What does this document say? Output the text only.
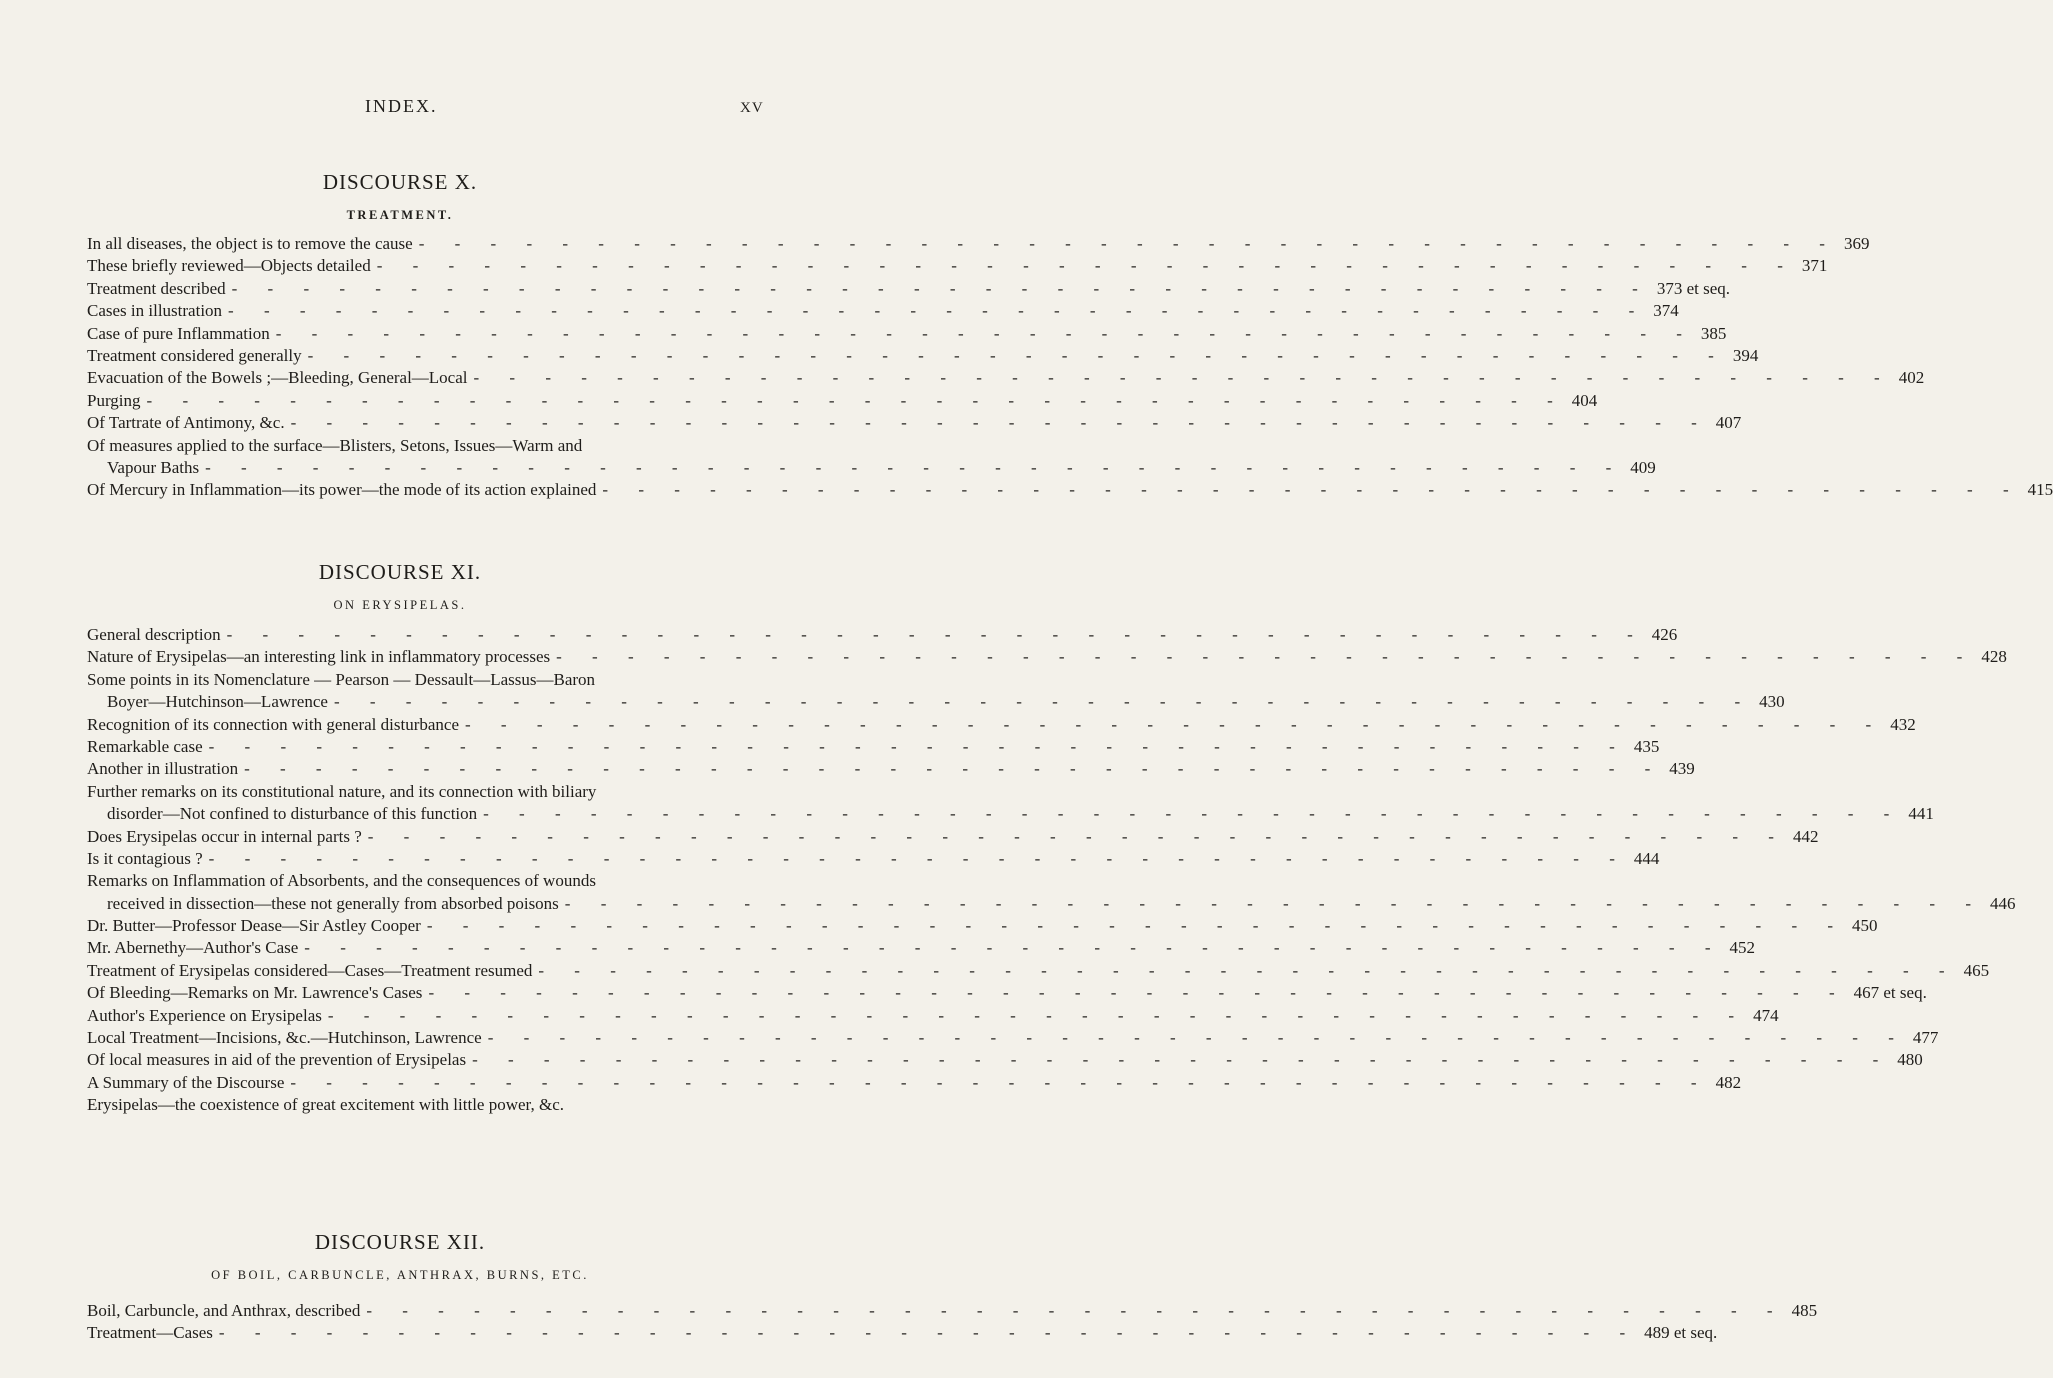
INDEX.	XV
DISCOURSE X.
TREATMENT.
In all diseases, the object is to remove the cause - - - - - - - - - - - - - - - - - - - - - - - - - - - - - - - - - - - - - - - - 369
These briefly reviewed—Objects detailed - - - - - - - - - - - - - - - - - - - - - - - - - - - - - - - - - - - - - - - - 371
Treatment described - - - - - - - - - - - - - - - - - - - - - - - - - - - - - - - - - - - - - - - - 373 et seq.
Cases in illustration - - - - - - - - - - - - - - - - - - - - - - - - - - - - - - - - - - - - - - - - 374
Case of pure Inflammation - - - - - - - - - - - - - - - - - - - - - - - - - - - - - - - - - - - - - - - - 385
Treatment considered generally - - - - - - - - - - - - - - - - - - - - - - - - - - - - - - - - - - - - - - - - 394
Evacuation of the Bowels ;—Bleeding, General—Local - - - - - - - - - - - - - - - - - - - - - - - - - - - - - - - - - - - - - - - - 402
Purging - - - - - - - - - - - - - - - - - - - - - - - - - - - - - - - - - - - - - - - - 404
Of Tartrate of Antimony, &c. - - - - - - - - - - - - - - - - - - - - - - - - - - - - - - - - - - - - - - - - 407
Of measures applied to the surface—Blisters, Setons, Issues—Warm and
Vapour Baths - - - - - - - - - - - - - - - - - - - - - - - - - - - - - - - - - - - - - - - - 409
Of Mercury in Inflammation—its power—the mode of its action explained - - - - - - - - - - - - - - - - - - - - - - - - - - - - - - - - - - - - - - - - 415
DISCOURSE XI.
ON ERYSIPELAS.
General description - - - - - - - - - - - - - - - - - - - - - - - - - - - - - - - - - - - - - - - - 426
Nature of Erysipelas—an interesting link in inflammatory processes - - - - - - - - - - - - - - - - - - - - - - - - - - - - - - - - - - - - - - - - 428
Some points in its Nomenclature — Pearson — Dessault—Lassus—Baron
Boyer—Hutchinson—Lawrence - - - - - - - - - - - - - - - - - - - - - - - - - - - - - - - - - - - - - - - - 430
Recognition of its connection with general disturbance - - - - - - - - - - - - - - - - - - - - - - - - - - - - - - - - - - - - - - - - 432
Remarkable case - - - - - - - - - - - - - - - - - - - - - - - - - - - - - - - - - - - - - - - - 435
Another in illustration - - - - - - - - - - - - - - - - - - - - - - - - - - - - - - - - - - - - - - - - 439
Further remarks on its constitutional nature, and its connection with biliary
disorder—Not confined to disturbance of this function - - - - - - - - - - - - - - - - - - - - - - - - - - - - - - - - - - - - - - - - 441
Does Erysipelas occur in internal parts ? - - - - - - - - - - - - - - - - - - - - - - - - - - - - - - - - - - - - - - - - 442
Is it contagious ? - - - - - - - - - - - - - - - - - - - - - - - - - - - - - - - - - - - - - - - - 444
Remarks on Inflammation of Absorbents, and the consequences of wounds
received in dissection—these not generally from absorbed poisons - - - - - - - - - - - - - - - - - - - - - - - - - - - - - - - - - - - - - - - - 446
Dr. Butter—Professor Dease—Sir Astley Cooper - - - - - - - - - - - - - - - - - - - - - - - - - - - - - - - - - - - - - - - - 450
Mr. Abernethy—Author's Case - - - - - - - - - - - - - - - - - - - - - - - - - - - - - - - - - - - - - - - - 452
Treatment of Erysipelas considered—Cases—Treatment resumed - - - - - - - - - - - - - - - - - - - - - - - - - - - - - - - - - - - - - - - - 465
Of Bleeding—Remarks on Mr. Lawrence's Cases - - - - - - - - - - - - - - - - - - - - - - - - - - - - - - - - - - - - - - - - 467 et seq.
Author's Experience on Erysipelas - - - - - - - - - - - - - - - - - - - - - - - - - - - - - - - - - - - - - - - - 474
Local Treatment—Incisions, &c.—Hutchinson, Lawrence - - - - - - - - - - - - - - - - - - - - - - - - - - - - - - - - - - - - - - - - 477
Of local measures in aid of the prevention of Erysipelas - - - - - - - - - - - - - - - - - - - - - - - - - - - - - - - - - - - - - - - - 480
A Summary of the Discourse - - - - - - - - - - - - - - - - - - - - - - - - - - - - - - - - - - - - - - - - 482
Erysipelas—the coexistence of great excitement with little power, &c.
DISCOURSE XII.
OF BOIL, CARBUNCLE, ANTHRAX, BURNS, ETC.
Boil, Carbuncle, and Anthrax, described - - - - - - - - - - - - - - - - - - - - - - - - - - - - - - - - - - - - - - - - 485
Treatment—Cases - - - - - - - - - - - - - - - - - - - - - - - - - - - - - - - - - - - - - - - - 489 et seq.
